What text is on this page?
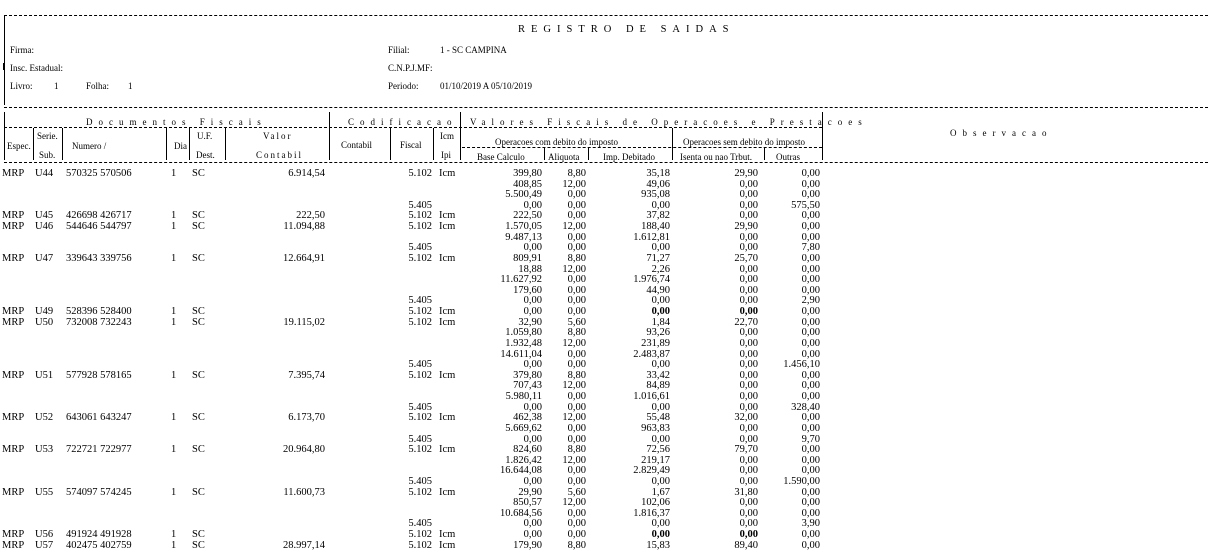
REGISTRO DE SAIDAS
Firma:
Insc. Estadual:
Livro: 1	Folha: 1
Filial:	1 - SC CAMPINA
C.N.P.J.MF:
Periodo: 01/10/2019 A 05/10/2019
Documentos Fiscais	Codificacao Valores Fiscais de Operacoes e Prestacoes
Observacao
Espec.
Serie.
Sub.
Numero /	Dia
U.F.
Dest.
Valor
Contabil
Contabil	Fiscal
Icm
Ipi
Operacoes com debito do imposto	Operacoes sem debito do imposto
Base Calculo	Aliquota	Imp. Debitado	Isenta ou nao Trbut.	Outras
MRP	U44	570325 570506	1	SC	6.914,54	5.102 Icm	399,80	8,80	35,18	29,90	0,00
408,85	12,00	49,06	0,00	0,00
5.500,49	0,00	935,08	0,00	0,00
5.405	0,00	0,00	0,00	0,00	575,50
MRP	U45	426698 426717	1	SC	222,50	5.102 Icm	222,50	0,00	37,82	0,00	0,00
MRP	U46	544646 544797	1	SC	11.094,88	5.102 Icm	1.570,05	12,00	188,40	29,90	0,00
9.487,13	0,00	1.612,81	0,00	0,00
5.405	0,00	0,00	0,00	0,00	7,80
MRP	U47	339643 339756	1	SC	12.664,91	5.102 Icm	809,91	8,80	71,27	25,70	0,00
18,88	12,00	2,26	0,00	0,00
11.627,92	0,00	1.976,74	0,00	0,00
179,60	0,00	44,90	0,00	0,00
5.405	0,00	0,00	0,00	0,00	2,90
MRP	U49	528396 528400	1	SC	5.102 Icm	0,00	0,00	0,00	0,00	0,00
MRP	U50	732008 732243	1	SC	19.115,02	5.102 Icm	32,90	5,60	1,84	22,70	0,00
1.059,80	8,80	93,26	0,00	0,00
1.932,48	12,00	231,89	0,00	0,00
14.611,04	0,00	2.483,87	0,00	0,00
5.405	0,00	0,00	0,00	0,00	1.456,10
MRP	U51	577928 578165	1	SC	7.395,74	5.102 Icm	379,80	8,80	33,42	0,00	0,00
707,43	12,00	84,89	0,00	0,00
5.980,11	0,00	1.016,61	0,00	0,00
5.405	0,00	0,00	0,00	0,00	328,40
MRP	U52	643061 643247	1	SC	6.173,70	5.102 Icm	462,38	12,00	55,48	32,00	0,00
5.669,62	0,00	963,83	0,00	0,00
5.405	0,00	0,00	0,00	0,00	9,70
MRP	U53	722721 722977	1	SC	20.964,80	5.102 Icm	824,60	8,80	72,56	79,70	0,00
1.826,42	12,00	219,17	0,00	0,00
16.644,08	0,00	2.829,49	0,00	0,00
5.405	0,00	0,00	0,00	0,00	1.590,00
MRP	U55	574097 574245	1	SC	11.600,73	5.102 Icm	29,90	5,60	1,67	31,80	0,00
850,57	12,00	102,06	0,00	0,00
10.684,56	0,00	1.816,37	0,00	0,00
5.405	0,00	0,00	0,00	0,00	3,90
MRP	U56	491924 491928	1	SC	5.102 Icm	0,00	0,00	0,00	0,00	0,00
MRP	U57	402475 402759	1	SC	28.997,14	5.102 Icm	179,90	8,80	15,83	89,40	0,00
